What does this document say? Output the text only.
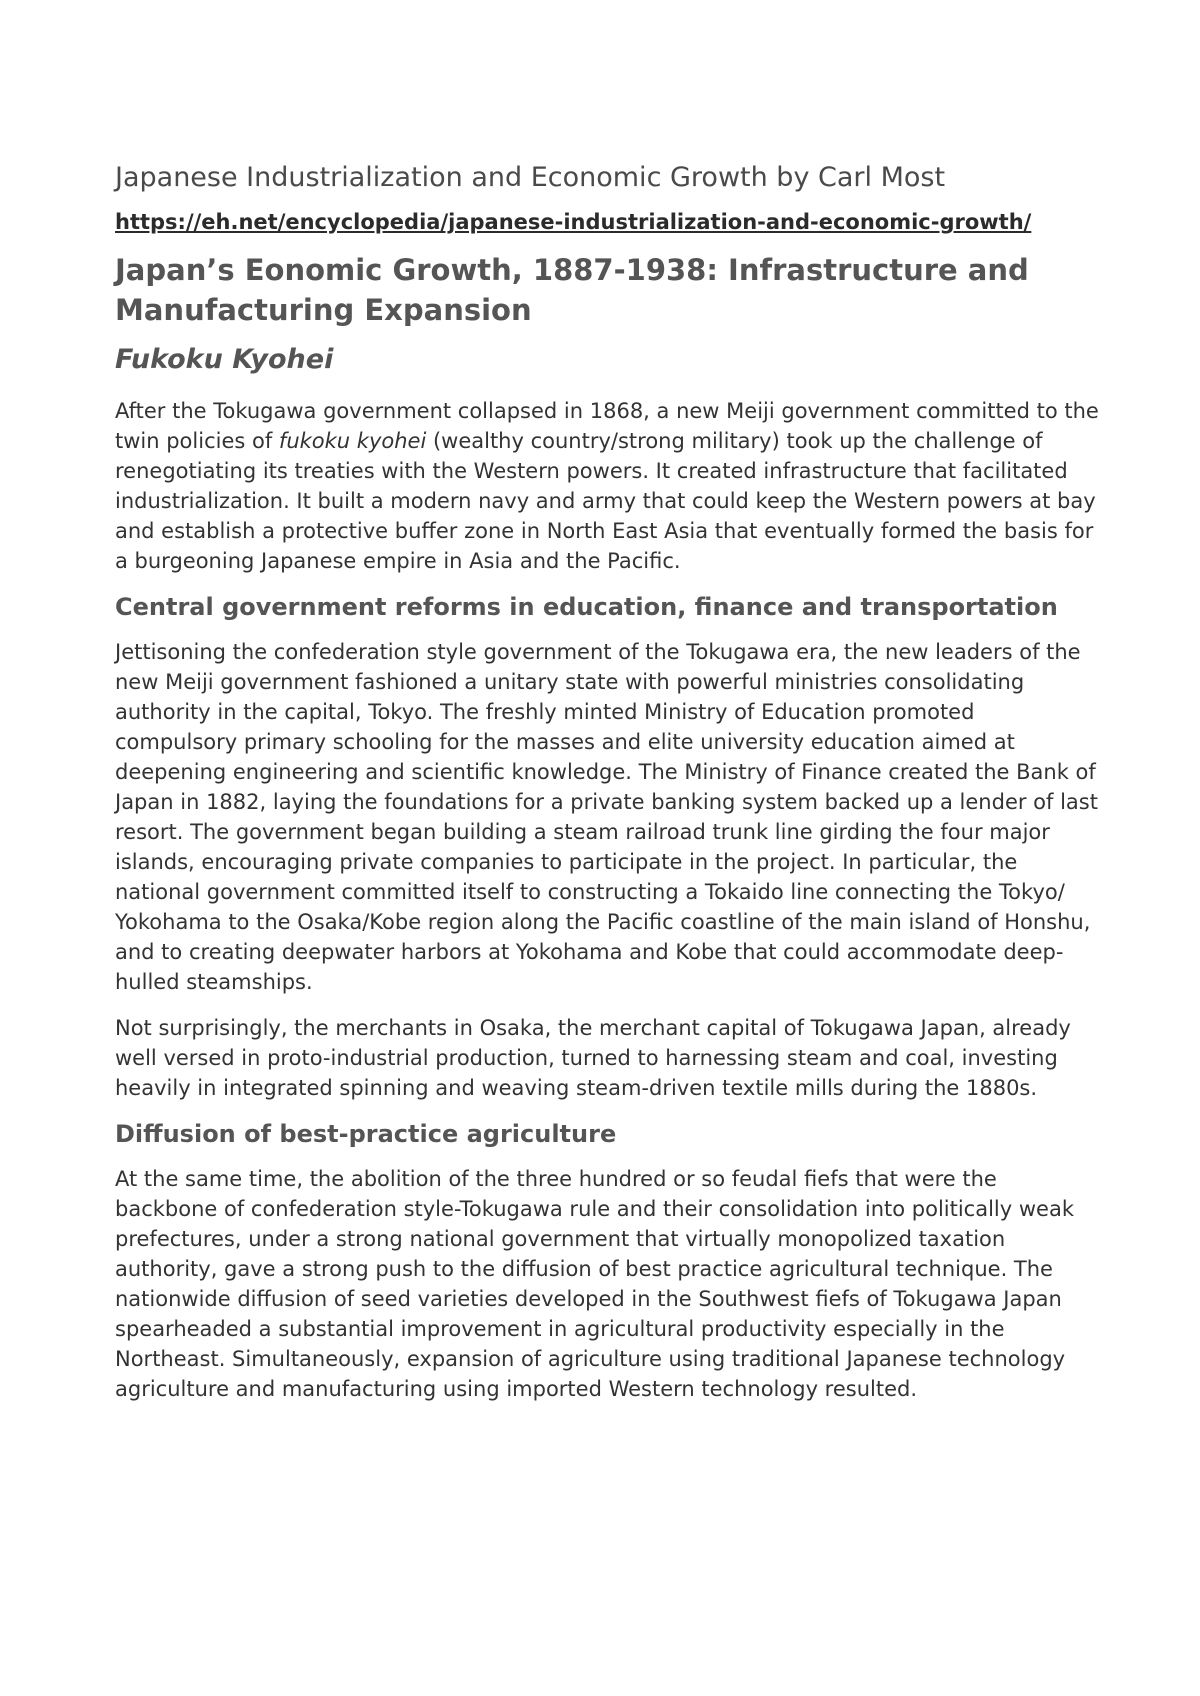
Japanese Industrialization and Economic Growth by Carl Most
https://eh.net/encyclopedia/japanese-industrialization-and-economic-growth/
Japan’s Eonomic Growth, 1887-1938: Infrastructure and Manufacturing Expansion
Fukoku Kyohei

After the Tokugawa government collapsed in 1868, a new Meiji government committed to the twin policies of fukoku kyohei (wealthy country/strong military) took up the challenge of renegotiating its treaties with the Western powers. It created infrastructure that facilitated industrialization. It built a modern navy and army that could keep the Western powers at bay and establish a protective buffer zone in North East Asia that eventually formed the basis for a burgeoning Japanese empire in Asia and the Pacific.

Central government reforms in education, finance and transportation

Jettisoning the confederation style government of the Tokugawa era, the new leaders of the new Meiji government fashioned a unitary state with powerful ministries consolidating authority in the capital, Tokyo. The freshly minted Ministry of Education promoted compulsory primary schooling for the masses and elite university education aimed at deepening engineering and scientific knowledge. The Ministry of Finance created the Bank of Japan in 1882, laying the foundations for a private banking system backed up a lender of last resort. The government began building a steam railroad trunk line girding the four major islands, encouraging private companies to participate in the project. In particular, the national government committed itself to constructing a Tokaido line connecting the Tokyo/ Yokohama to the Osaka/Kobe region along the Pacific coastline of the main island of Honshu, and to creating deepwater harbors at Yokohama and Kobe that could accommodate deep-hulled steamships.

Not surprisingly, the merchants in Osaka, the merchant capital of Tokugawa Japan, already well versed in proto-industrial production, turned to harnessing steam and coal, investing heavily in integrated spinning and weaving steam-driven textile mills during the 1880s.

Diffusion of best-practice agriculture

At the same time, the abolition of the three hundred or so feudal fiefs that were the backbone of confederation style-Tokugawa rule and their consolidation into politically weak prefectures, under a strong national government that virtually monopolized taxation authority, gave a strong push to the diffusion of best practice agricultural technique. The nationwide diffusion of seed varieties developed in the Southwest fiefs of Tokugawa Japan spearheaded a substantial improvement in agricultural productivity especially in the Northeast. Simultaneously, expansion of agriculture using traditional Japanese technology agriculture and manufacturing using imported Western technology resulted.
